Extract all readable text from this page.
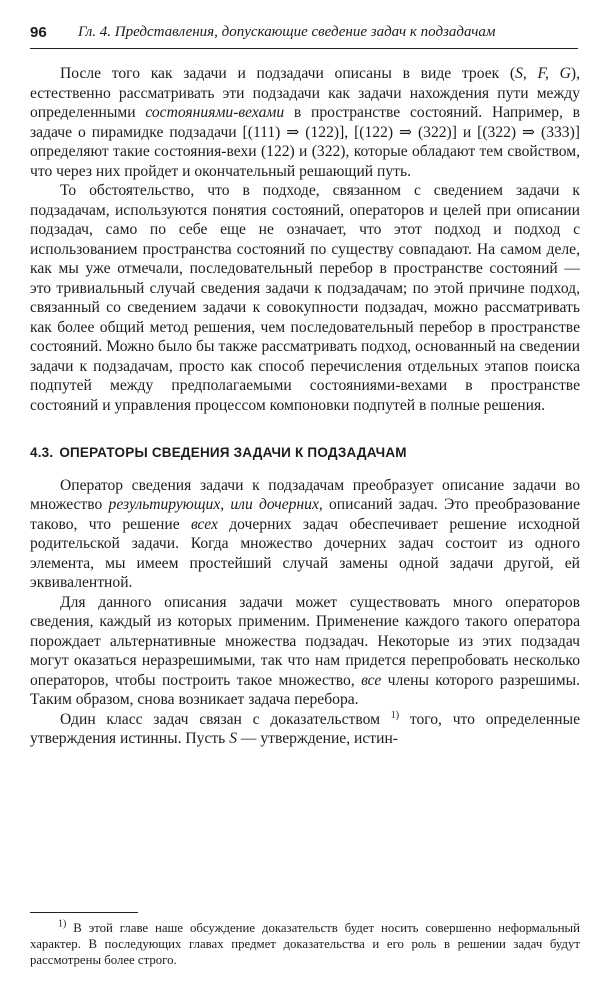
96 Гл. 4. Представления, допускающие сведение задач к подзадачам

После того как задачи и подзадачи описаны в виде троек (S, F, G), естественно рассматривать эти подзадачи как задачи нахождения пути между определенными состояниями-вехами в пространстве состояний. Например, в задаче о пирамидке подзадачи [(111) ⇒ (122)], [(122) ⇒ (322)] и [(322) ⇒ (333)] определяют такие состояния-вехи (122) и (322), которые обладают тем свойством, что через них пройдет и окончательный решающий путь.

То обстоятельство, что в подходе, связанном с сведением задачи к подзадачам, используются понятия состояний, операторов и целей при описании подзадач, само по себе еще не означает, что этот подход и подход с использованием пространства состояний по существу совпадают. На самом деле, как мы уже отмечали, последовательный перебор в пространстве состояний — это тривиальный случай сведения задачи к подзадачам; по этой причине подход, связанный со сведением задачи к совокупности подзадач, можно рассматривать как более общий метод решения, чем последовательный перебор в пространстве состояний. Можно было бы также рассматривать подход, основанный на сведении задачи к подзадачам, просто как способ перечисления отдельных этапов поиска подпутей между предполагаемыми состояниями-вехами в пространстве состояний и управления процессом компоновки подпутей в полные решения.

4.3. ОПЕРАТОРЫ СВЕДЕНИЯ ЗАДАЧИ К ПОДЗАДАЧАМ

Оператор сведения задачи к подзадачам преобразует описание задачи во множество результирующих, или дочерних, описаний задач. Это преобразование таково, что решение всех дочерних задач обеспечивает решение исходной родительской задачи. Когда множество дочерних задач состоит из одного элемента, мы имеем простейший случай замены одной задачи другой, ей эквивалентной.

Для данного описания задачи может существовать много операторов сведения, каждый из которых применим. Применение каждого такого оператора порождает альтернативные множества подзадач. Некоторые из этих подзадач могут оказаться неразрешимыми, так что нам придется перепробовать несколько операторов, чтобы построить такое множество, все члены которого разрешимы. Таким образом, снова возникает задача перебора.

Один класс задач связан с доказательством $^{1)}$ того, что определенные утверждения истинны. Пусть S — утверждение, истин-

$^{1)}$ В этой главе наше обсуждение доказательств будет носить совершенно неформальный характер. В последующих главах предмет доказательства и его роль в решении задач будут рассмотрены более строго.
